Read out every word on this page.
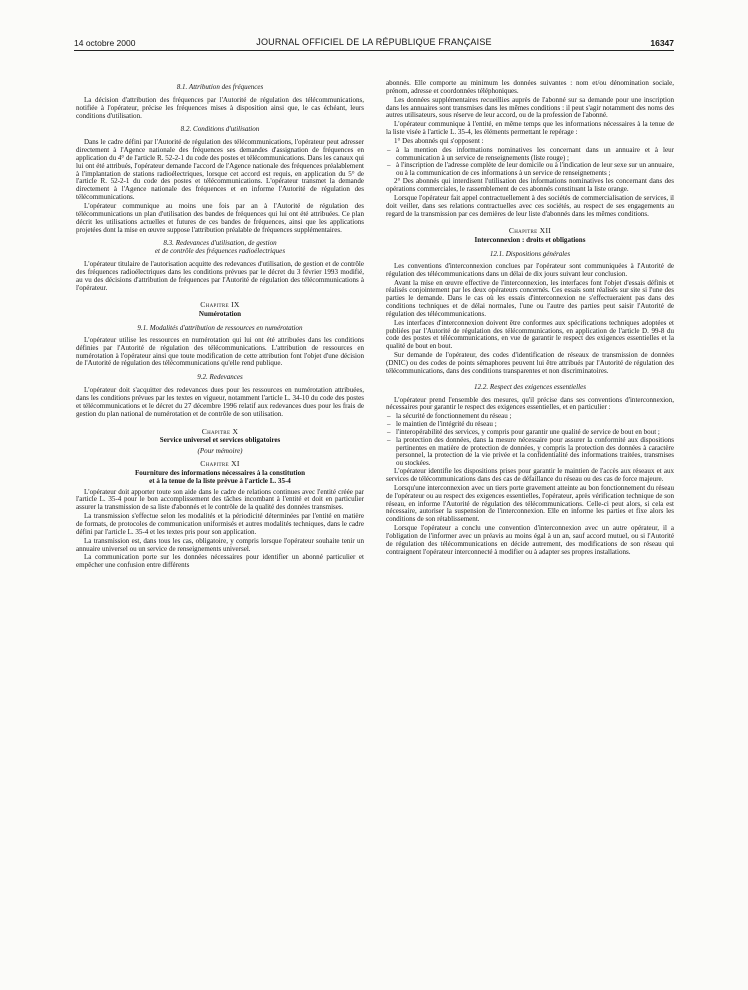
14 octobre 2000	JOURNAL OFFICIEL DE LA RÉPUBLIQUE FRANÇAISE	16347
8.1. Attribution des fréquences

La décision d'attribution des fréquences par l'Autorité de régulation des télécommunications, notifiée à l'opérateur, précise les fréquences mises à disposition ainsi que, le cas échéant, leurs conditions d'utilisation.

8.2. Conditions d'utilisation

Dans le cadre défini par l'Autorité de régulation des télécommunications, l'opérateur peut adresser directement à l'Agence nationale des fréquences ses demandes d'assignation de fréquences en application du 4° de l'article R. 52-2-1 du code des postes et télécommunications. Dans les canaux qui lui ont été attribués, l'opérateur demande l'accord de l'Agence nationale des fréquences préalablement à l'implantation de stations radioélectriques, lorsque cet accord est requis, en application du 5° de l'article R. 52-2-1 du code des postes et télécommunications. L'opérateur transmet la demande directement à l'Agence nationale des fréquences et en informe l'Autorité de régulation des télécommunications.

L'opérateur communique au moins une fois par an à l'Autorité de régulation des télécommunications un plan d'utilisation des bandes de fréquences qui lui ont été attribuées. Ce plan décrit les utilisations actuelles et futures de ces bandes de fréquences, ainsi que les applications projetées dont la mise en œuvre suppose l'attribution préalable de fréquences supplémentaires.

8.3. Redevances d'utilisation, de gestion
et de contrôle des fréquences radioélectriques

L'opérateur titulaire de l'autorisation acquitte des redevances d'utilisation, de gestion et de contrôle des fréquences radioélectriques dans les conditions prévues par le décret du 3 février 1993 modifié, au vu des décisions d'attribution de fréquences par l'Autorité de régulation des télécommunications à l'opérateur.

Chapitre IX
Numérotation
9.1. Modalités d'attribution de ressources en numérotation

L'opérateur utilise les ressources en numérotation qui lui ont été attribuées dans les conditions définies par l'Autorité de régulation des télécommunications. L'attribution de ressources en numérotation à l'opérateur ainsi que toute modification de cette attribution font l'objet d'une décision de l'Autorité de régulation des télécommunications qu'elle rend publique.

9.2. Redevances

L'opérateur doit s'acquitter des redevances dues pour les ressources en numérotation attribuées, dans les conditions prévues par les textes en vigueur, notamment l'article L. 34-10 du code des postes et télécommunications et le décret du 27 décembre 1996 relatif aux redevances dues pour les frais de gestion du plan national de numérotation et de contrôle de son utilisation.

Chapitre X
Service universel et services obligatoires
(Pour mémoire)
Chapitre XI
Fourniture des informations nécessaires à la constitution
et à la tenue de la liste prévue à l'article L. 35-4

L'opérateur doit apporter toute son aide dans le cadre de relations continues avec l'entité créée par l'article L. 35-4 pour le bon accomplissement des tâches incombant à l'entité et doit en particulier assurer la transmission de sa liste d'abonnés et le contrôle de la qualité des données transmises.

La transmission s'effectue selon les modalités et la périodicité déterminées par l'entité en matière de formats, de protocoles de communication uniformisés et autres modalités techniques, dans le cadre défini par l'article L. 35-4 et les textes pris pour son application.

La transmission est, dans tous les cas, obligatoire, y compris lorsque l'opérateur souhaite tenir un annuaire universel ou un service de renseignements universel.

La communication porte sur les données nécessaires pour identifier un abonné particulier et empêcher une confusion entre différents

abonnés. Elle comporte au minimum les données suivantes : nom et/ou dénomination sociale, prénom, adresse et coordonnées téléphoniques.

Les données supplémentaires recueillies auprès de l'abonné sur sa demande pour une inscription dans les annuaires sont transmises dans les mêmes conditions : il peut s'agir notamment des noms des autres utilisateurs, sous réserve de leur accord, ou de la profession de l'abonné.

L'opérateur communique à l'entité, en même temps que les informations nécessaires à la tenue de la liste visée à l'article L. 35-4, les éléments permettant le repérage :

1° Des abonnés qui s'opposent :

– à la mention des informations nominatives les concernant dans un annuaire et à leur communication à un service de renseignements (liste rouge) ;
– à l'inscription de l'adresse complète de leur domicile ou à l'indication de leur sexe sur un annuaire, ou à la communication de ces informations à un service de renseignements ;

2° Des abonnés qui interdisent l'utilisation des informations nominatives les concernant dans des opérations commerciales, le rassemblement de ces abonnés constituant la liste orange.

Lorsque l'opérateur fait appel contractuellement à des sociétés de commercialisation de services, il doit veiller, dans ses relations contractuelles avec ces sociétés, au respect de ses engagements au regard de la transmission par ces dernières de leur liste d'abonnés dans les mêmes conditions.

Chapitre XII
Interconnexion : droits et obligations
12.1. Dispositions générales

Les conventions d'interconnexion conclues par l'opérateur sont communiquées à l'Autorité de régulation des télécommunications dans un délai de dix jours suivant leur conclusion.

Avant la mise en œuvre effective de l'interconnexion, les interfaces font l'objet d'essais définis et réalisés conjointement par les deux opérateurs concernés. Ces essais sont réalisés sur site si l'une des parties le demande. Dans le cas où les essais d'interconnexion ne s'effectueraient pas dans des conditions techniques et de délai normales, l'une ou l'autre des parties peut saisir l'Autorité de régulation des télécommunications.

Les interfaces d'interconnexion doivent être conformes aux spécifications techniques adoptées et publiées par l'Autorité de régulation des télécommunications, en application de l'article D. 99-8 du code des postes et télécommunications, en vue de garantir le respect des exigences essentielles et la qualité de bout en bout.

Sur demande de l'opérateur, des codes d'identification de réseaux de transmission de données (DNIC) ou des codes de points sémaphores peuvent lui être attribués par l'Autorité de régulation des télécommunications, dans des conditions transparentes et non discriminatoires.

12.2. Respect des exigences essentielles

L'opérateur prend l'ensemble des mesures, qu'il précise dans ses conventions d'interconnexion, nécessaires pour garantir le respect des exigences essentielles, et en particulier :

– la sécurité de fonctionnement du réseau ;
– le maintien de l'intégrité du réseau ;
– l'interopérabilité des services, y compris pour garantir une qualité de service de bout en bout ;
– la protection des données, dans la mesure nécessaire pour assurer la conformité aux dispositions pertinentes en matière de protection de données, y compris la protection des données à caractère personnel, la protection de la vie privée et la confidentialité des informations traitées, transmises ou stockées.

L'opérateur identifie les dispositions prises pour garantir le maintien de l'accès aux réseaux et aux services de télécommunications dans des cas de défaillance du réseau ou des cas de force majeure.

Lorsqu'une interconnexion avec un tiers porte gravement atteinte au bon fonctionnement du réseau de l'opérateur ou au respect des exigences essentielles, l'opérateur, après vérification technique de son réseau, en informe l'Autorité de régulation des télécommunications. Celle-ci peut alors, si cela est nécessaire, autoriser la suspension de l'interconnexion. Elle en informe les parties et fixe alors les conditions de son rétablissement.

Lorsque l'opérateur a conclu une convention d'interconnexion avec un autre opérateur, il a l'obligation de l'informer avec un préavis au moins égal à un an, sauf accord mutuel, ou si l'Autorité de régulation des télécommunications en décide autrement, des modifications de son réseau qui contraignent l'opérateur interconnecté à modifier ou à adapter ses propres installations.
